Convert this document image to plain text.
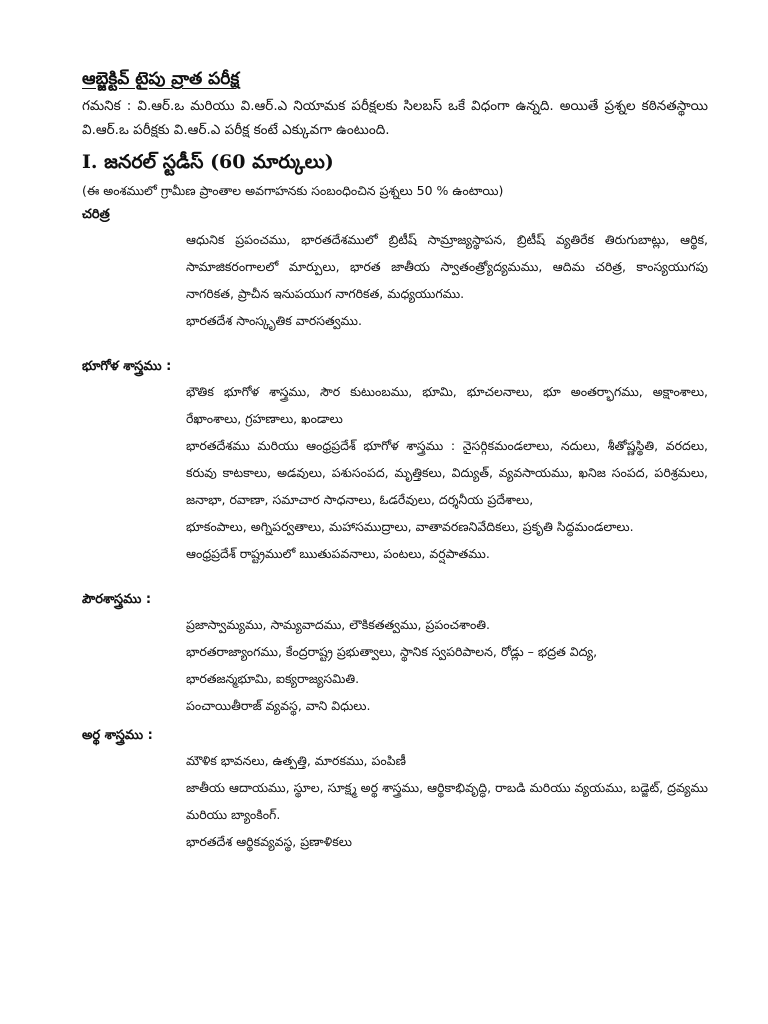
ఆబ్జెక్టివ్ టైపు వ్రాత పరీక్ష

గమనిక : వి.ఆర్.ఒ మరియు వి.ఆర్.ఎ నియామక పరీక్షలకు సిలబస్ ఒకే విధంగా ఉన్నది. అయితే ప్రశ్నల కఠినతస్థాయి వి.ఆర్.ఒ పరీక్షకు వి.ఆర్.ఎ పరీక్ష కంటే ఎక్కువగా ఉంటుంది.

I. జనరల్ స్టడీస్ (60 మార్కులు)

(ఈ అంశములో గ్రామీణ ప్రాంతాల అవగాహనకు సంబంధించిన ప్రశ్నలు 50 % ఉంటాయి)

చరిత్ర

ఆధునిక ప్రపంచము, భారతదేశములో బ్రిటీష్ సామ్రాజ్యస్థాపన, బ్రిటీష్ వ్యతిరేక తిరుగుబాట్లు, ఆర్థిక, సామాజికరంగాలలో మార్పులు, భారత జాతీయ స్వాతంత్ర్యోద్యమము, ఆదిమ చరిత్ర, కాంస్యయుగపు నాగరికత, ప్రాచీన ఇనుపయుగ నాగరికత, మధ్యయుగము.

భారతదేశ సాంస్కృతిక వారసత్వము.

భూగోళ శాస్త్రము :

భౌతిక భూగోళ శాస్త్రము, సౌర కుటుంబము, భూమి, భూచలనాలు, భూ అంతర్భాగము, అక్షాంశాలు, రేఖాంశాలు, గ్రహణాలు, ఖండాలు

భారతదేశము మరియు ఆంధ్రప్రదేశ్ భూగోళ శాస్త్రము : నైసర్గికమండలాలు, నదులు, శీతోష్ణస్థితి, వరదలు, కరువు కాటకాలు, అడవులు, పశుసంపద, మృత్తికలు, విద్యుత్, వ్యవసాయము, ఖనిజ సంపద, పరిశ్రమలు, జనాభా, రవాణా, సమాచార సాధనాలు, ఓడరేవులు, దర్శనీయ ప్రదేశాలు,

భూకంపాలు, అగ్నిపర్వతాలు, మహాసముద్రాలు, వాతావరణనివేదికలు, ప్రకృతి సిద్ధమండలాలు.

ఆంధ్రప్రదేశ్ రాష్ట్రములో ఋతుపవనాలు, పంటలు, వర్షపాతము.

పౌరశాస్త్రము :

ప్రజాస్వామ్యము, సామ్యవాదము, లౌకికతత్వము, ప్రపంచశాంతి.

భారతరాజ్యాంగము, కేంద్రరాష్ట్ర ప్రభుత్వాలు, స్థానిక స్వపరిపాలన, రోడ్లు – భద్రత విద్య,

భారతజన్మభూమి, ఐక్యరాజ్యసమితి.

పంచాయితీరాజ్ వ్యవస్థ, వాని విధులు.

అర్థ శాస్త్రము :

మౌళిక భావనలు, ఉత్పత్తి, మారకము, పంపిణీ

జాతీయ ఆదాయము, స్థూల, సూక్ష్మ అర్థ శాస్త్రము, ఆర్థికాభివృద్ధి, రాబడి మరియు వ్యయము, బడ్జెట్, ద్రవ్యము మరియు బ్యాంకింగ్.

భారతదేశ ఆర్థికవ్యవస్థ, ప్రణాళికలు
